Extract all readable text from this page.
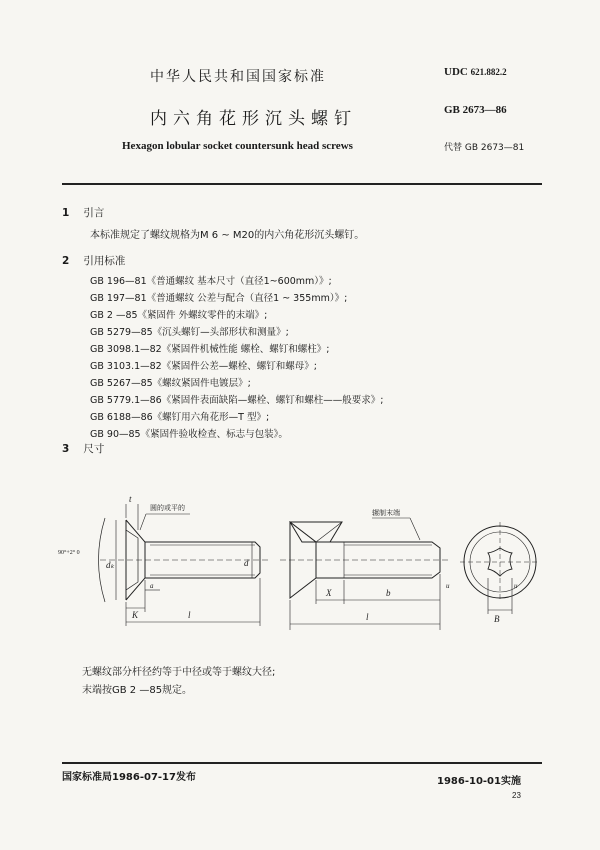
中华人民共和国国家标准
内六角花形沉头螺钉
Hexagon lobular socket countersunk head screws
UDC 621.882.2
GB 2673—86
代替 GB 2673—81
1 引言
本标准规定了螺纹规格为M 6 ~ M20的内六角花形沉头螺钉。
2 引用标准
GB 196—81《普通螺纹 基本尺寸（直径1~600mm）》;
GB 197—81《普通螺纹 公差与配合（直径1 ~ 355mm）》;
GB 2 —85《紧固件 外螺纹零件的末端》;
GB 5279—85《沉头螺钉—头部形状和测量》;
GB 3098.1—82《紧固件机械性能 螺栓、螺钉和螺柱》;
GB 3103.1—82《紧固件公差—螺栓、螺钉和螺母》;
GB 5267—85《螺纹紧固件电镀层》;
GB 5779.1—86《紧固件表面缺陷—螺栓、螺钉和螺柱——般要求》;
GB 6188—86《螺钉用六角花形—T 型》;
GB 90—85《紧固件验收检查、标志与包装》。
3 尺寸
圆的或平的
辗制末端
90°+2° 0
dₖ	d
t
K
a
l
X	b
u
l	B
u
无螺纹部分杆径约等于中径或等于螺纹大径;
末端按GB 2 —85规定。
国家标准局1986-07-17发布	1986-10-01实施
23
